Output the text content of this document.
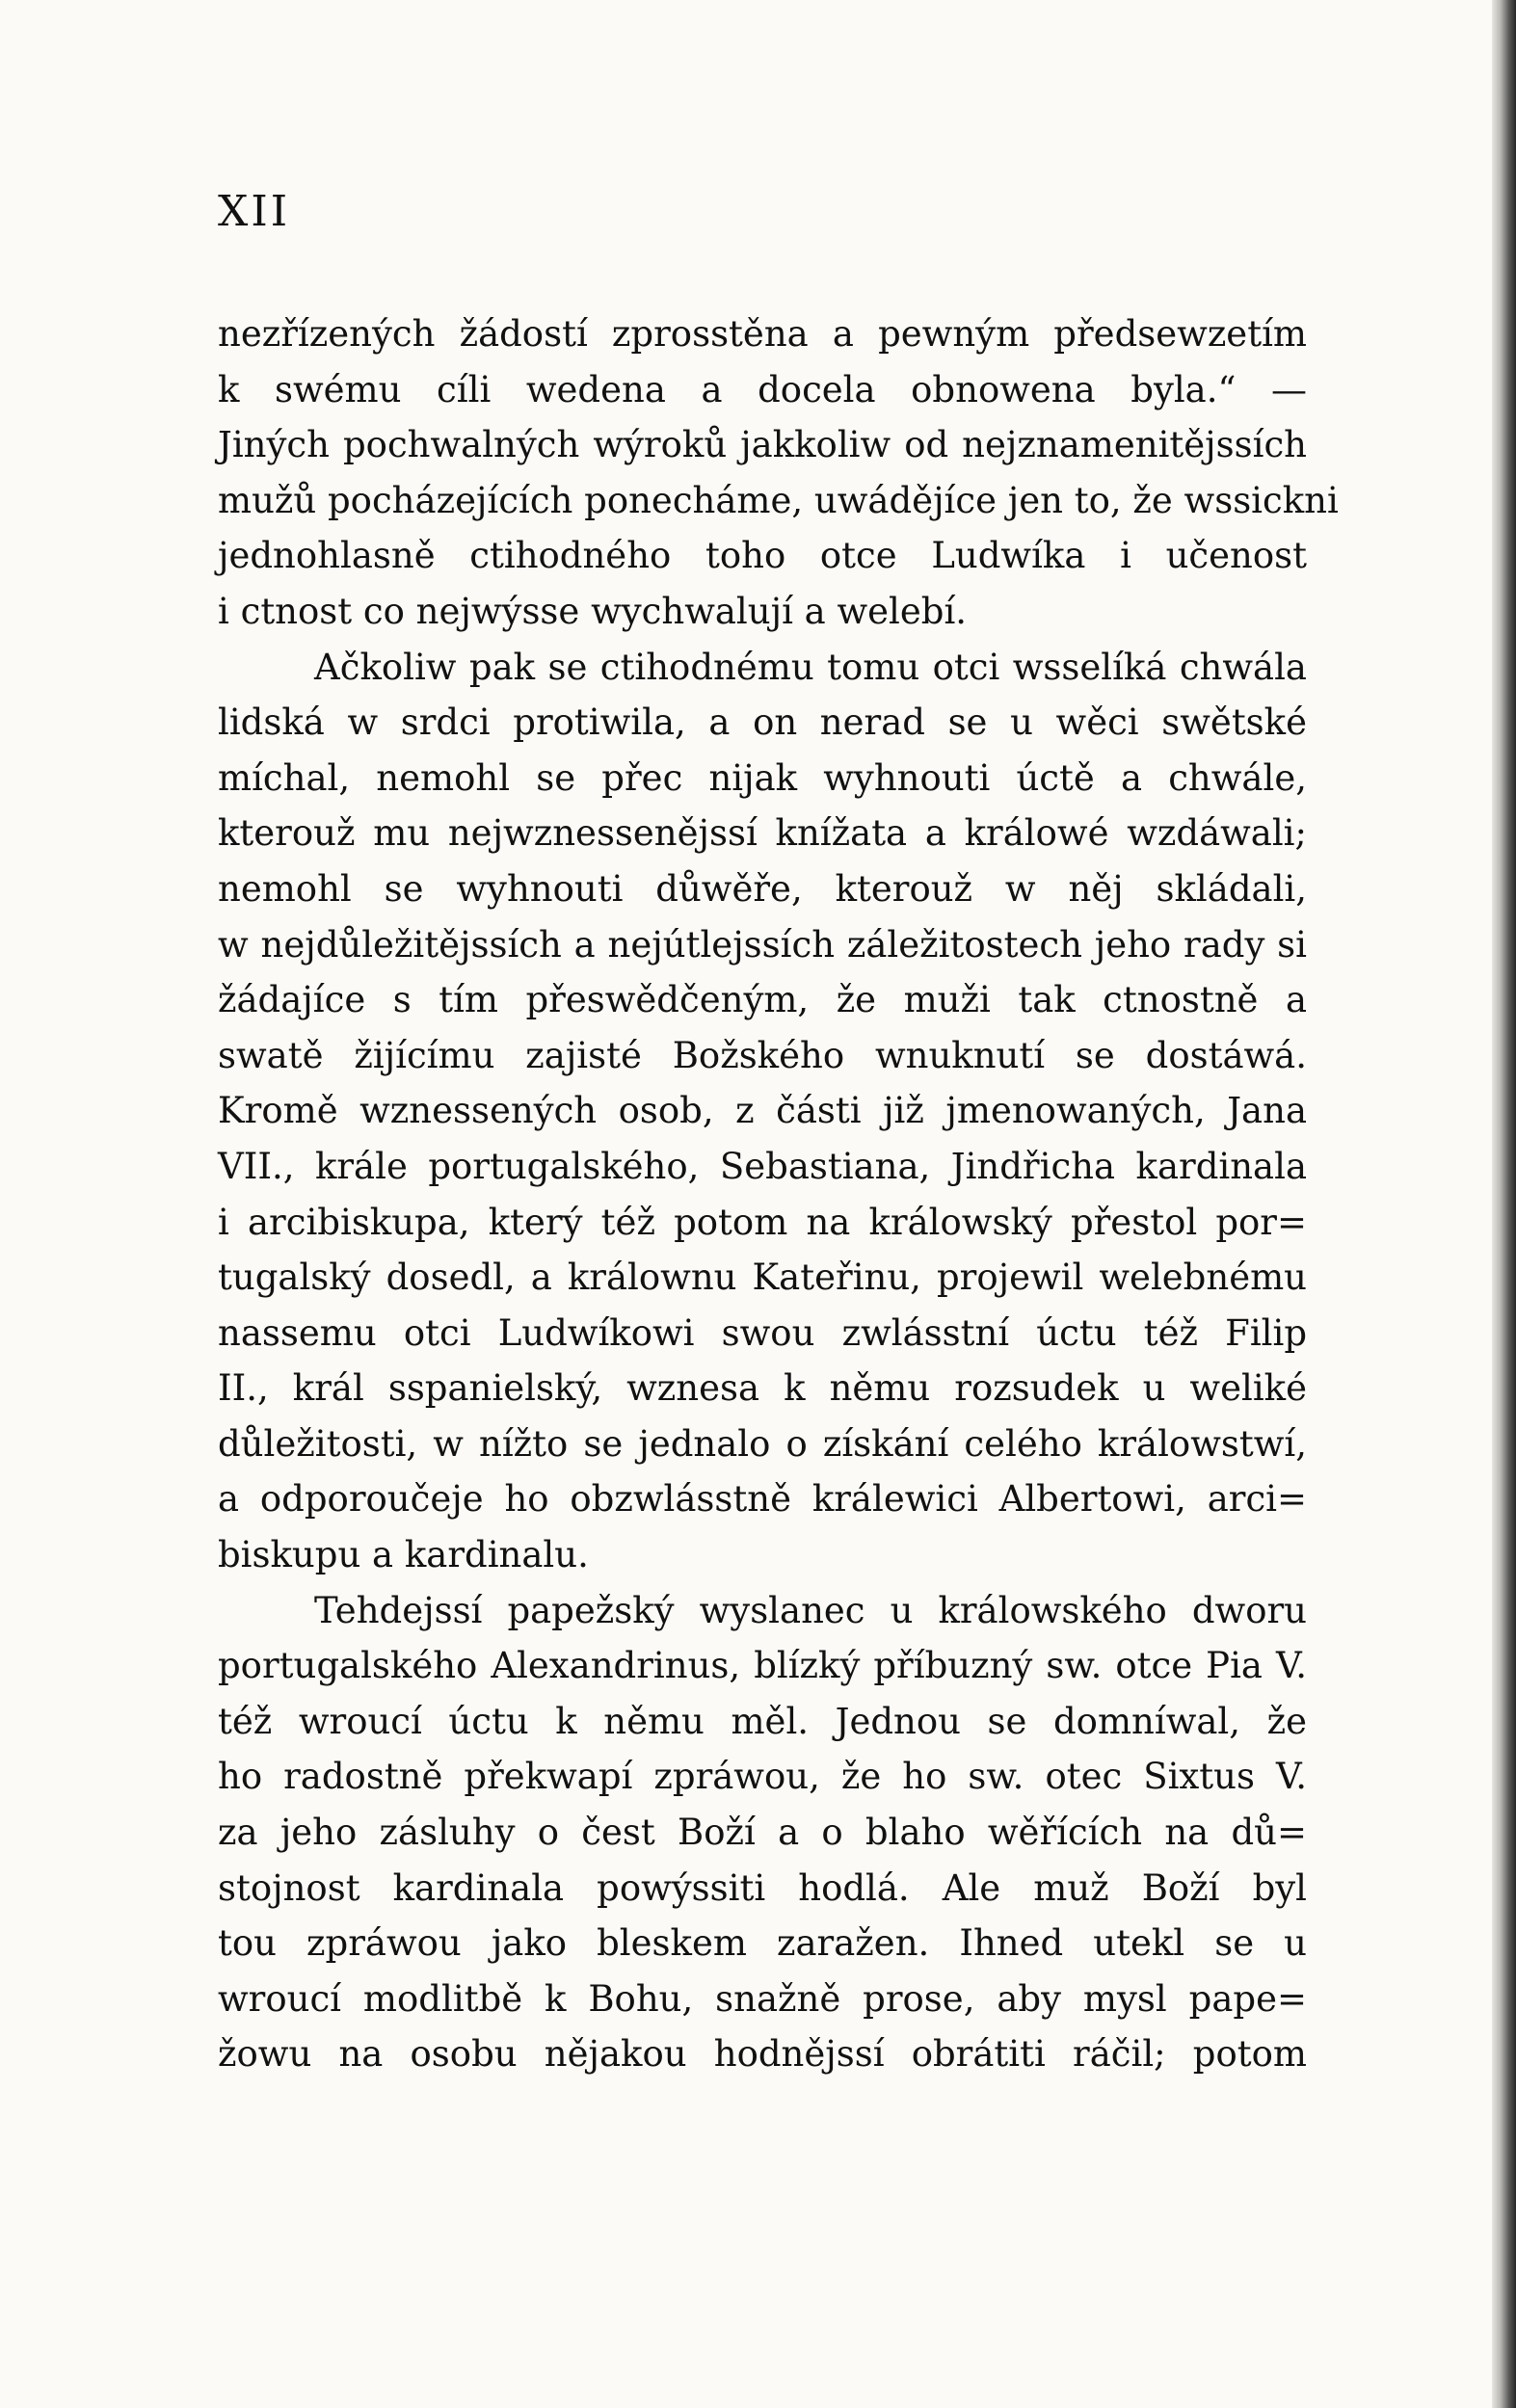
XII
nezřízených žádostí zprosstěna a pewným předsewzetím
k swému cíli wedena a docela obnowena byla.“ —
Jiných pochwalných wýroků jakkoliw od nejznamenitějssích
mužů pocházejících ponecháme, uwádějíce jen to, že wssickni
jednohlasně ctihodného toho otce Ludwíka i učenost
i ctnost co nejwýsse wychwalují a welebí.
Ačkoliw pak se ctihodnému tomu otci wsselíká chwála
lidská w srdci protiwila, a on nerad se u wěci swětské
míchal, nemohl se přec nijak wyhnouti úctě a chwále,
kterouž mu nejwznessenějssí knížata a králowé wzdáwali;
nemohl se wyhnouti důwěře, kterouž w něj skládali,
w nejdůležitějssích a nejútlejssích záležitostech jeho rady si
žádajíce s tím přeswědčeným, že muži tak ctnostně a
swatě žijícímu zajisté Božského wnuknutí se dostáwá.
Kromě wznessených osob, z části již jmenowaných, Jana
VII., krále portugalského, Sebastiana, Jindřicha kardinala
i arcibiskupa, který též potom na králowský přestol por=
tugalský dosedl, a králownu Kateřinu, projewil welebnému
nassemu otci Ludwíkowi swou zwlásstní úctu též Filip
II., král sspanielský, wznesa k němu rozsudek u weliké
důležitosti, w nížto se jednalo o získání celého králowstwí,
a odporoučeje ho obzwlásstně králewici Albertowi, arci=
biskupu a kardinalu.
Tehdejssí papežský wyslanec u králowského dworu
portugalského Alexandrinus, blízký příbuzný sw. otce Pia V.
též wroucí úctu k němu měl. Jednou se domníwal, že
ho radostně překwapí zpráwou, že ho sw. otec Sixtus V.
za jeho zásluhy o čest Boží a o blaho wěřících na dů=
stojnost kardinala powýssiti hodlá. Ale muž Boží byl
tou zpráwou jako bleskem zaražen. Ihned utekl se u
wroucí modlitbě k Bohu, snažně prose, aby mysl pape=
žowu na osobu nějakou hodnějssí obrátiti ráčil; potom
